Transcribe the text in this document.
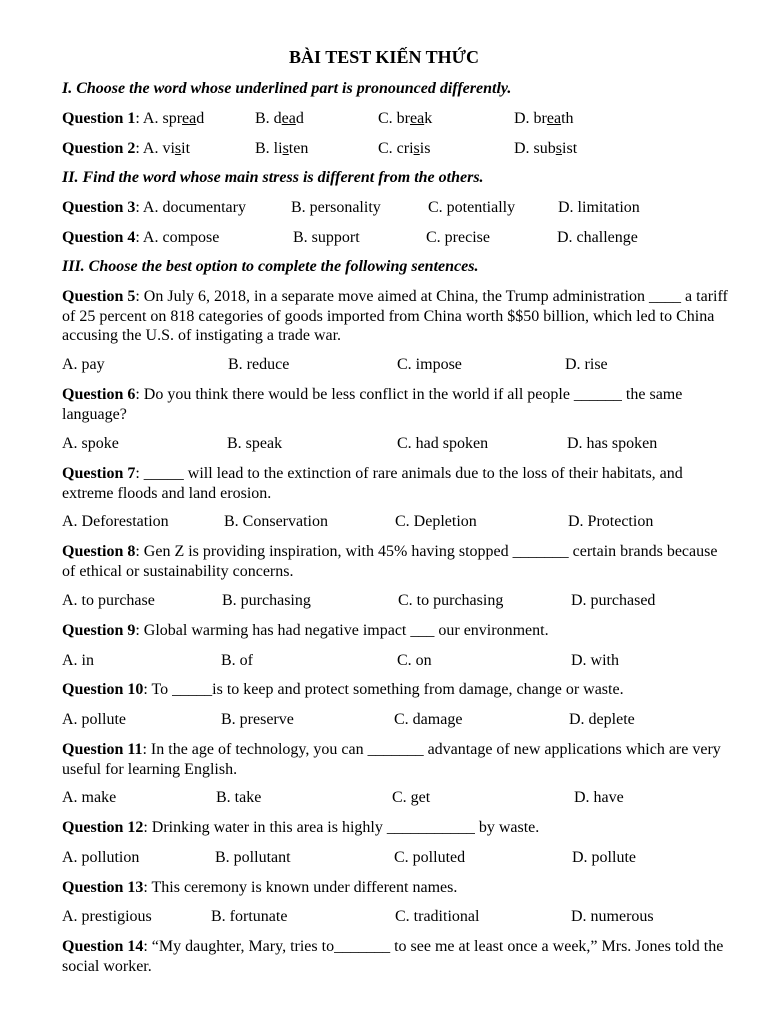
BÀI TEST KIẾN THỨC
I. Choose the word whose underlined part is pronounced differently.
Question 1: A. spread	B. dead	C. break	D. breath
Question 2: A. visit	B. listen	C. crisis	D. subsist
II. Find the word whose main stress is different from the others.
Question 3: A. documentary	B. personality	C. potentially	D. limitation
Question 4: A. compose	B. support	C. precise	D. challenge
III. Choose the best option to complete the following sentences.
Question 5: On July 6, 2018, in a separate move aimed at China, the Trump administration ____ a tariff of 25 percent on 818 categories of goods imported from China worth $$50 billion, which led to China accusing the U.S. of instigating a trade war.
A. pay	B. reduce	C. impose	D. rise
Question 6: Do you think there would be less conflict in the world if all people ______ the same language?
A. spoke	B. speak	C. had spoken	D. has spoken
Question 7: _____ will lead to the extinction of rare animals due to the loss of their habitats, and extreme floods and land erosion.
A. Deforestation	B. Conservation	C. Depletion	D. Protection
Question 8: Gen Z is providing inspiration, with 45% having stopped _______ certain brands because of ethical or sustainability concerns.
A. to purchase	B. purchasing	C. to purchasing	D. purchased
Question 9: Global warming has had negative impact ___ our environment.
A. in	B. of	C. on	D. with
Question 10: To _____is to keep and protect something from damage, change or waste.
A. pollute	B. preserve	C. damage	D. deplete
Question 11: In the age of technology, you can _______ advantage of new applications which are very useful for learning English.
A. make	B. take	C. get	D. have
Question 12: Drinking water in this area is highly ___________ by waste.
A. pollution	B. pollutant	C. polluted	D. pollute
Question 13: This ceremony is known under different names.
A. prestigious	B. fortunate	C. traditional	D. numerous
Question 14: “My daughter, Mary, tries to_______ to see me at least once a week,” Mrs. Jones told the social worker.
